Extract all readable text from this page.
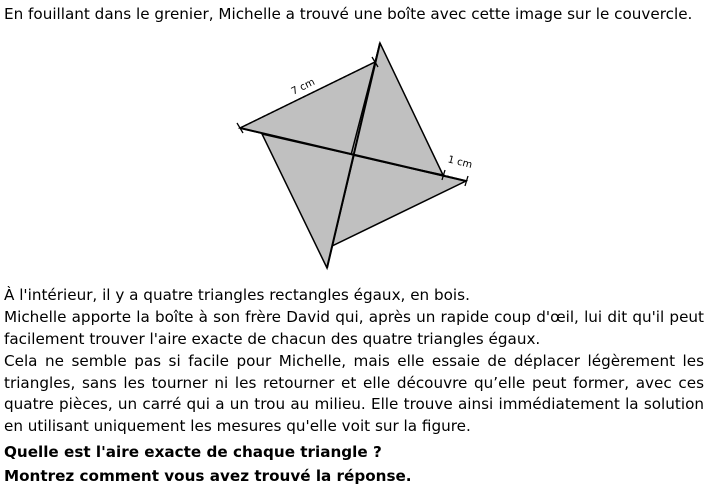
En fouillant dans le grenier, Michelle a trouvé une boîte avec cette image sur le couvercle.

7 cm
1 cm

À l'intérieur, il y a quatre triangles rectangles égaux, en bois.

Michelle apporte la boîte à son frère David qui, après un rapide coup d'œil, lui dit qu'il peut facilement trouver l'aire exacte de chacun des quatre triangles égaux.

Cela ne semble pas si facile pour Michelle, mais elle essaie de déplacer légèrement les triangles, sans les tourner ni les retourner et elle découvre qu’elle peut former, avec ces quatre pièces, un carré qui a un trou au milieu. Elle trouve ainsi immédiatement la solution en utilisant uniquement les mesures qu'elle voit sur la figure.

Quelle est l'aire exacte de chaque triangle ?

Montrez comment vous avez trouvé la réponse.
